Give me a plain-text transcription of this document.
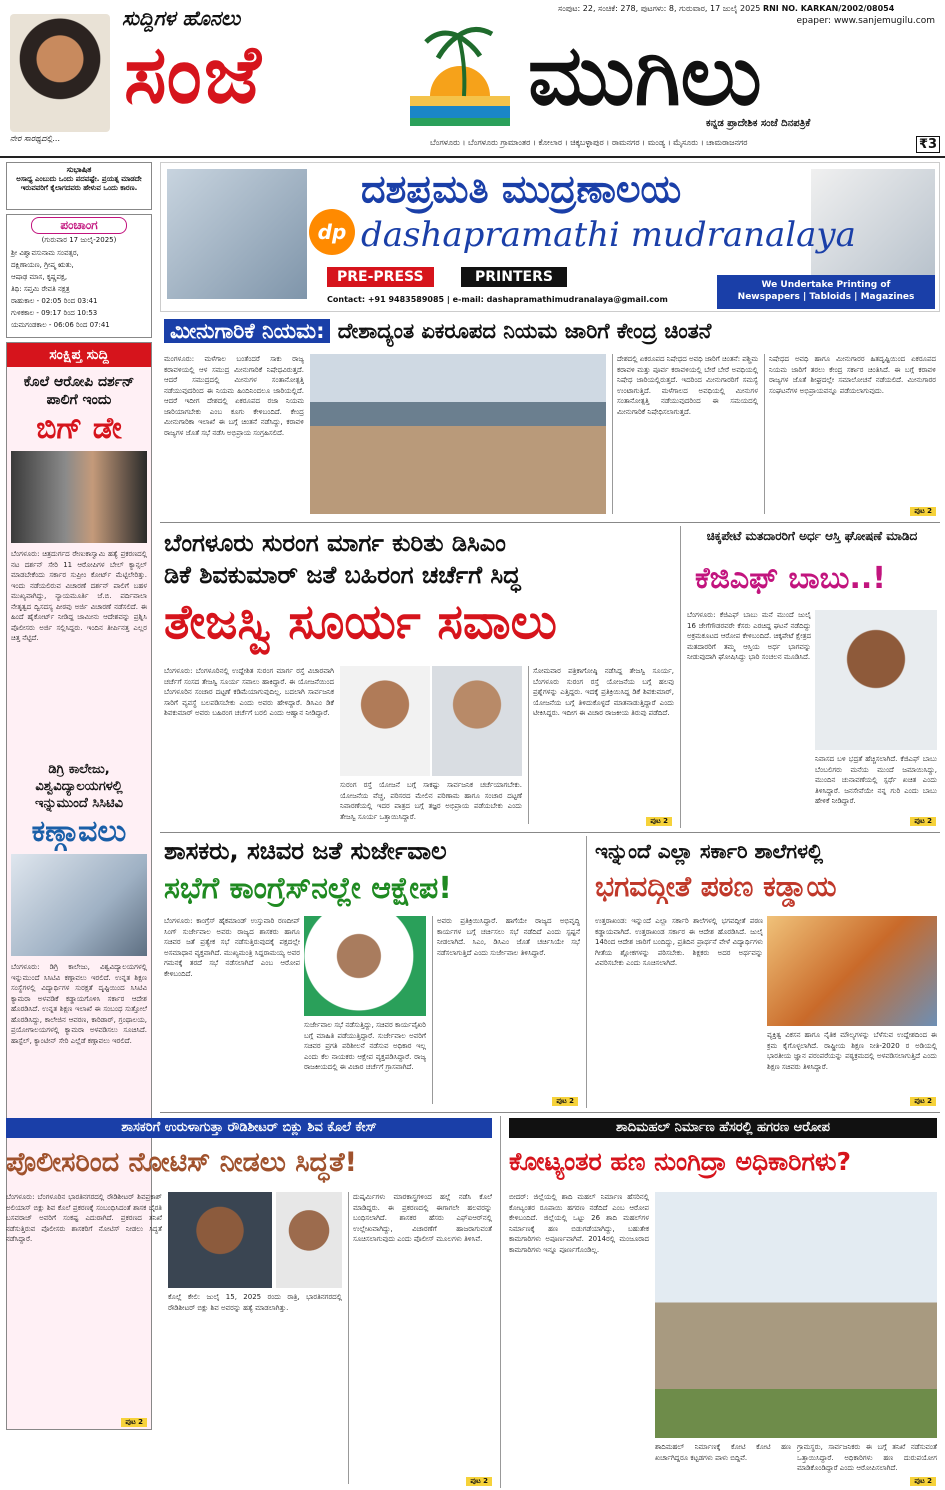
ನೇರ ಸಾರಥ್ಯದಲ್ಲಿ...
ಸುದ್ದಿಗಳ ಹೊನಲು
ಸಂಜೆ
ಸಂಪುಟ: 22, ಸಂಚಿಕೆ: 278, ಪುಟಗಳು: 8, ಗುರುವಾರ, 17 ಜುಲೈ 2025 RNI NO. KARKAN/2002/08054
epaper: www.sanjemugilu.com
ಮುಗಿಲು
ಕನ್ನಡ ಪ್ರಾದೇಶಿಕ ಸಂಜೆ ದಿನಪತ್ರಿಕೆ
ಬೆಂಗಳೂರು । ಬೆಂಗಳೂರು ಗ್ರಾಮಾಂತರ । ಕೋಲಾರ । ಚಿಕ್ಕಬಳ್ಳಾಪುರ । ರಾಮನಗರ । ಮಂಡ್ಯ । ಮೈಸೂರು । ಚಾಮರಾಜನಗರ	₹3
ಸುಭಾಷಿತ
ಅಸಾಧ್ಯ ಎಂಬುದು ಒಂದು ಪದವಷ್ಟೇ. ಪ್ರಯತ್ನ ಮಾಡದೇ ಇರುವವರಿಗೆ ಕೈಲಾಗದವರು ಹೇಳುವ ಒಂದು ಕಾರಣ.
ಪಂಚಾಂಗ
(ಗುರುವಾರ 17 ಜುಲೈ-2025)
ಶ್ರೀ ವಿಶ್ವಾವಸುನಾಮ ಸಂವತ್ಸರ,
ದಕ್ಷಿಣಾಯಣ, ಗ್ರೀಷ್ಮ ಋತು,
ಆಷಾಢ ಮಾಸ, ಕೃಷ್ಣಪಕ್ಷ,
ತಿಥಿ: ಸಪ್ತಮಿ ರೇವತಿ ನಕ್ಷತ್ರ
ರಾಹುಕಾಲ - 02:05 ರಿಂದ 03:41
ಗುಳಿಕಕಾಲ - 09:17 ರಿಂದ 10:53
ಯಮಗಂಡಕಾಲ - 06:06 ರಿಂದ 07:41
ಸಂಕ್ಷಿಪ್ತ ಸುದ್ದಿ
ಕೊಲೆ ಆರೋಪಿ ದರ್ಶನ್ ಪಾಲಿಗೆ ಇಂದು
ಬಿಗ್ ಡೇ
ಬೆಂಗಳೂರು: ಚಿತ್ರದುರ್ಗದ ರೇಣುಕಾಸ್ವಾಮಿ ಹತ್ಯೆ ಪ್ರಕರಣದಲ್ಲಿ ನಟ ದರ್ಶನ್ ಸೇರಿ 11 ಆರೋಪಿಗಳ ಬೇಲ್ ಕ್ಯಾನ್ಸಲ್ ಮಾಡಬೇಕೆಂದು ಸರ್ಕಾರ ಸುಪ್ರೀಂ ಕೋರ್ಟ್ ಮೆಟ್ಟಿಲೇರಿತ್ತು. ಇಂದು ನಡೆಯಲಿರುವ ವಿಚಾರಣೆ ದರ್ಶನ್ ಪಾಲಿಗೆ ಬಹಳ ಮುಖ್ಯವಾಗಿದ್ದು, ನ್ಯಾಯಮೂರ್ತಿ ಜೆ.ಬಿ. ಪರ್ದಿವಾಲಾ ನೇತೃತ್ವದ ದ್ವಿಸದಸ್ಯ ಪೀಠವು ಅರ್ಜಿ ವಿಚಾರಣೆ ನಡೆಸಲಿದೆ. ಈ ಹಿಂದೆ ಹೈಕೋರ್ಟ್ ನೀಡಿದ್ದ ಜಾಮೀನು ಆದೇಶವನ್ನು ಪ್ರಶ್ನಿಸಿ ಪೊಲೀಸರು ಅರ್ಜಿ ಸಲ್ಲಿಸಿದ್ದರು. ಇಂದಿನ ತೀರ್ಪಿನತ್ತ ಎಲ್ಲರ ಚಿತ್ತ ನೆಟ್ಟಿದೆ.
ಡಿಗ್ರಿ ಕಾಲೇಜು, ವಿಶ್ವವಿದ್ಯಾಲಯಗಳಲ್ಲಿ ಇನ್ನುಮುಂದೆ ಸಿಸಿಟಿವಿ
ಕಣ್ಗಾವಲು
ಬೆಂಗಳೂರು: ಡಿಗ್ರಿ ಕಾಲೇಜು, ವಿಶ್ವವಿದ್ಯಾಲಯಗಳಲ್ಲಿ ಇನ್ನುಮುಂದೆ ಸಿಸಿಟಿವಿ ಕಣ್ಗಾವಲು ಇರಲಿದೆ. ಉನ್ನತ ಶಿಕ್ಷಣ ಸಂಸ್ಥೆಗಳಲ್ಲಿ ವಿದ್ಯಾರ್ಥಿಗಳ ಸುರಕ್ಷತೆ ದೃಷ್ಟಿಯಿಂದ ಸಿಸಿಟಿವಿ ಕ್ಯಾಮರಾ ಅಳವಡಿಕೆ ಕಡ್ಡಾಯಗೊಳಿಸಿ ಸರ್ಕಾರ ಆದೇಶ ಹೊರಡಿಸಿದೆ. ಉನ್ನತ ಶಿಕ್ಷಣ ಇಲಾಖೆ ಈ ಸಂಬಂಧ ಸುತ್ತೋಲೆ ಹೊರಡಿಸಿದ್ದು, ಕಾಲೇಜಿನ ಆವರಣ, ಕಾರಿಡಾರ್, ಗ್ರಂಥಾಲಯ, ಪ್ರಯೋಗಾಲಯಗಳಲ್ಲಿ ಕ್ಯಾಮರಾ ಅಳವಡಿಸಲು ಸೂಚಿಸಿದೆ. ಹಾಸ್ಟೆಲ್, ಕ್ಯಾಂಟೀನ್ ಸೇರಿ ಎಲ್ಲೆಡೆ ಕಣ್ಗಾವಲು ಇರಲಿದೆ.
ಪುಟ 2
dp
ದಶಪ್ರಮತಿ ಮುದ್ರಣಾಲಯ
dashapramathi mudranalaya
PRE-PRESS	PRINTERS
Contact: +91 9483589085 | e-mail: dashapramathimudranalaya@gmail.com
We Undertake Printing of
Newspapers | Tabloids | Magazines
ಮೀನುಗಾರಿಕೆ ನಿಯಮ: ದೇಶಾದ್ಯಂತ ಏಕರೂಪದ ನಿಯಮ ಜಾರಿಗೆ ಕೇಂದ್ರ ಚಿಂತನೆ
ಮಂಗಳೂರು: ಮಳೆಗಾಲ ಬಂತೆಂದರೆ ಸಾಕು ರಾಜ್ಯ ಕರಾವಳಿಯಲ್ಲಿ ಆಳ ಸಮುದ್ರ ಮೀನುಗಾರಿಕೆ ನಿಷೇಧವಿರುತ್ತದೆ. ಆದರೆ ಸಮುದ್ರದಲ್ಲಿ ಮೀನುಗಳ ಸಂತಾನೋತ್ಪತ್ತಿ ನಡೆಯುವುದರಿಂದ ಈ ನಿಯಮ ಹಿಂದಿನಿಂದಲೂ ಜಾರಿಯಲ್ಲಿದೆ. ಆದರೆ ಇದೀಗ ದೇಶದಲ್ಲಿ ಏಕರೂಪದ ರಜಾ ನಿಯಮ ಜಾರಿಯಾಗಬೇಕು ಎಂಬ ಕೂಗು ಕೇಳಿಬಂದಿದೆ. ಕೇಂದ್ರ ಮೀನುಗಾರಿಕಾ ಇಲಾಖೆ ಈ ಬಗ್ಗೆ ಚಿಂತನೆ ನಡೆಸಿದ್ದು, ಕರಾವಳಿ ರಾಜ್ಯಗಳ ಜೊತೆ ಸಭೆ ನಡೆಸಿ ಅಭಿಪ್ರಾಯ ಸಂಗ್ರಹಿಸಲಿದೆ.
ದೇಶದಲ್ಲಿ ಏಕರೂಪದ ನಿಷೇಧದ ಅವಧಿ ಜಾರಿಗೆ ಚಿಂತನೆ: ಪಶ್ಚಿಮ ಕರಾವಳಿ ಮತ್ತು ಪೂರ್ವ ಕರಾವಳಿಯಲ್ಲಿ ಬೇರೆ ಬೇರೆ ಅವಧಿಯಲ್ಲಿ ನಿಷೇಧ ಜಾರಿಯಲ್ಲಿರುತ್ತದೆ. ಇದರಿಂದ ಮೀನುಗಾರರಿಗೆ ಸಮಸ್ಯೆ ಉಂಟಾಗುತ್ತಿದೆ. ಮಳೆಗಾಲದ ಅವಧಿಯಲ್ಲಿ ಮೀನುಗಳ ಸಂತಾನೋತ್ಪತ್ತಿ ನಡೆಯುವುದರಿಂದ ಈ ಸಮಯದಲ್ಲಿ ಮೀನುಗಾರಿಕೆ ನಿಷೇಧಿಸಲಾಗುತ್ತದೆ.
ನಿಷೇಧದ ಅವಧಿ ಹಾಗೂ ಮೀನುಗಾರರ ಹಿತದೃಷ್ಟಿಯಿಂದ ಏಕರೂಪದ ನಿಯಮ ಜಾರಿಗೆ ತರಲು ಕೇಂದ್ರ ಸರ್ಕಾರ ಚಿಂತಿಸಿದೆ. ಈ ಬಗ್ಗೆ ಕರಾವಳಿ ರಾಜ್ಯಗಳ ಜೊತೆ ಶೀಘ್ರದಲ್ಲೇ ಸಮಾಲೋಚನೆ ನಡೆಯಲಿದೆ. ಮೀನುಗಾರರ ಸಂಘಟನೆಗಳ ಅಭಿಪ್ರಾಯವನ್ನೂ ಪಡೆಯಲಾಗುವುದು.
ಪುಟ 2
ಬೆಂಗಳೂರು ಸುರಂಗ ಮಾರ್ಗ ಕುರಿತು ಡಿಸಿಎಂ
ಡಿಕೆ ಶಿವಕುಮಾರ್ ಜತೆ ಬಹಿರಂಗ ಚರ್ಚೆಗೆ ಸಿದ್ಧ
ತೇಜಸ್ವಿ ಸೂರ್ಯ ಸವಾಲು
ಬೆಂಗಳೂರು: ಬೆಂಗಳೂರಿನಲ್ಲಿ ಉದ್ದೇಶಿತ ಸುರಂಗ ಮಾರ್ಗ ರಸ್ತೆ ವಿಚಾರವಾಗಿ ಚರ್ಚೆಗೆ ಸಂಸದ ತೇಜಸ್ವಿ ಸೂರ್ಯ ಸವಾಲು ಹಾಕಿದ್ದಾರೆ. ಈ ಯೋಜನೆಯಿಂದ ಬೆಂಗಳೂರಿನ ಸಂಚಾರ ದಟ್ಟಣೆ ಕಡಿಮೆಯಾಗುವುದಿಲ್ಲ. ಬದಲಾಗಿ ಸಾರ್ವಜನಿಕ ಸಾರಿಗೆ ವ್ಯವಸ್ಥೆ ಬಲಪಡಿಸಬೇಕು ಎಂದು ಅವರು ಹೇಳಿದ್ದಾರೆ. ಡಿಸಿಎಂ ಡಿಕೆ ಶಿವಕುಮಾರ್ ಅವರು ಬಹಿರಂಗ ಚರ್ಚೆಗೆ ಬರಲಿ ಎಂದು ಆಹ್ವಾನ ನೀಡಿದ್ದಾರೆ.
ಸುರಂಗ ರಸ್ತೆ ಯೋಜನೆ ಬಗ್ಗೆ ಸಾಕಷ್ಟು ಸಾರ್ವಜನಿಕ ಚರ್ಚೆಯಾಗಬೇಕು. ಯೋಜನೆಯ ವೆಚ್ಚ, ಪರಿಸರದ ಮೇಲಿನ ಪರಿಣಾಮ ಹಾಗೂ ಸಂಚಾರ ದಟ್ಟಣೆ ನಿವಾರಣೆಯಲ್ಲಿ ಇದರ ಪಾತ್ರದ ಬಗ್ಗೆ ತಜ್ಞರ ಅಭಿಪ್ರಾಯ ಪಡೆಯಬೇಕು ಎಂದು ತೇಜಸ್ವಿ ಸೂರ್ಯ ಒತ್ತಾಯಿಸಿದ್ದಾರೆ.
ಸೋಮವಾರ ಪತ್ರಿಕಾಗೋಷ್ಠಿ ನಡೆಸಿದ್ದ ತೇಜಸ್ವಿ ಸೂರ್ಯ, ಬೆಂಗಳೂರು ಸುರಂಗ ರಸ್ತೆ ಯೋಜನೆಯ ಬಗ್ಗೆ ಹಲವು ಪ್ರಶ್ನೆಗಳನ್ನು ಎತ್ತಿದ್ದರು. ಇದಕ್ಕೆ ಪ್ರತಿಕ್ರಿಯಿಸಿದ್ದ ಡಿಕೆ ಶಿವಕುಮಾರ್, ಯೋಜನೆಯ ಬಗ್ಗೆ ತಿಳಿದುಕೊಳ್ಳದೆ ಮಾತನಾಡುತ್ತಿದ್ದಾರೆ ಎಂದು ಟೀಕಿಸಿದ್ದರು. ಇದೀಗ ಈ ವಿಚಾರ ರಾಜಕೀಯ ತಿರುವು ಪಡೆದಿದೆ.
ಪುಟ 2
ಚಿಕ್ಕಪೇಟೆ ಮತದಾರರಿಗೆ ಅರ್ಧ ಆಸ್ತಿ ಘೋಷಣೆ ಮಾಡಿದ
ಕೆಜಿಎಫ್ ಬಾಬು..!
ಬೆಂಗಳೂರು: ಕೆಜಿಎಫ್ ಬಾಬು ಮನೆ ಮುಂದೆ ಜುಲೈ 16 ಜೇಗೆಗೌಡರವರೇ ಕೆಸರು ಎರಚಿದ್ದ ಘಟನೆ ನಡೆದಿದ್ದು ಅಕ್ರಮಕೂಟದ ಆರೋಪ ಕೇಳಿಬಂದಿದೆ. ಚಿಕ್ಕಪೇಟೆ ಕ್ಷೇತ್ರದ ಮತದಾರರಿಗೆ ತಮ್ಮ ಆಸ್ತಿಯ ಅರ್ಧ ಭಾಗವನ್ನು ನೀಡುವುದಾಗಿ ಘೋಷಿಸಿದ್ದು ಭಾರಿ ಸಂಚಲನ ಮೂಡಿಸಿದೆ.
ನಿವಾಸದ ಬಳಿ ಭದ್ರತೆ ಹೆಚ್ಚಿಸಲಾಗಿದೆ. ಕೆಜಿಎಫ್ ಬಾಬು ಬೆಂಬಲಿಗರು ಮನೆಯ ಮುಂದೆ ಜಮಾಯಿಸಿದ್ದು, ಮುಂದಿನ ಚುನಾವಣೆಯಲ್ಲಿ ಸ್ಪರ್ಧೆ ಖಚಿತ ಎಂದು ತಿಳಿಸಿದ್ದಾರೆ. ಜನಸೇವೆಯೇ ನನ್ನ ಗುರಿ ಎಂದು ಬಾಬು ಹೇಳಿಕೆ ನೀಡಿದ್ದಾರೆ.
ಪುಟ 2
ಶಾಸಕರು, ಸಚಿವರ ಜತೆ ಸುರ್ಜೇವಾಲ
ಸಭೆಗೆ ಕಾಂಗ್ರೆಸ್‌ನಲ್ಲೇ ಆಕ್ಷೇಪ!
ಬೆಂಗಳೂರು: ಕಾಂಗ್ರೆಸ್ ಹೈಕಮಾಂಡ್ ಉಸ್ತುವಾರಿ ರಣದೀಪ್ ಸಿಂಗ್ ಸುರ್ಜೇವಾಲ ಅವರು ರಾಜ್ಯದ ಶಾಸಕರು ಹಾಗೂ ಸಚಿವರ ಜತೆ ಪ್ರತ್ಯೇಕ ಸಭೆ ನಡೆಸುತ್ತಿರುವುದಕ್ಕೆ ಪಕ್ಷದಲ್ಲೇ ಅಸಮಾಧಾನ ವ್ಯಕ್ತವಾಗಿದೆ. ಮುಖ್ಯಮಂತ್ರಿ ಸಿದ್ದರಾಮಯ್ಯ ಅವರ ಗಮನಕ್ಕೆ ತರದೆ ಸಭೆ ನಡೆಸಲಾಗಿದೆ ಎಂಬ ಆರೋಪ ಕೇಳಿಬಂದಿದೆ.
ಸುರ್ಜೇವಾಲ ಸಭೆ ನಡೆಸುತ್ತಿದ್ದು, ಸಚಿವರ ಕಾರ್ಯವೈಖರಿ ಬಗ್ಗೆ ಮಾಹಿತಿ ಪಡೆಯುತ್ತಿದ್ದಾರೆ. ಸುರ್ಜೇವಾಲ ಅವರಿಗೆ ಸಚಿವರ ಪ್ರಗತಿ ಪರಿಶೀಲನೆ ನಡೆಸುವ ಅಧಿಕಾರ ಇಲ್ಲ ಎಂದು ಕೆಲ ನಾಯಕರು ಆಕ್ಷೇಪ ವ್ಯಕ್ತಪಡಿಸಿದ್ದಾರೆ. ರಾಜ್ಯ ರಾಜಕೀಯದಲ್ಲಿ ಈ ವಿಚಾರ ಚರ್ಚೆಗೆ ಗ್ರಾಸವಾಗಿದೆ.
ಅವರು ಪ್ರತಿಕ್ರಿಯಿಸಿದ್ದಾರೆ. ಹಾಗೆಯೇ ರಾಜ್ಯದ ಅಭಿವೃದ್ಧಿ ಕಾರ್ಯಗಳ ಬಗ್ಗೆ ಚರ್ಚಿಸಲು ಸಭೆ ನಡೆದಿದೆ ಎಂದು ಸ್ಪಷ್ಟನೆ ನೀಡಲಾಗಿದೆ. ಸಿಎಂ, ಡಿಸಿಎಂ ಜೊತೆ ಚರ್ಚಿಸಿಯೇ ಸಭೆ ನಡೆಸಲಾಗುತ್ತಿದೆ ಎಂದು ಸುರ್ಜೇವಾಲ ತಿಳಿಸಿದ್ದಾರೆ.
ಪುಟ 2
ಇನ್ನುಂದೆ ಎಲ್ಲಾ ಸರ್ಕಾರಿ ಶಾಲೆಗಳಲ್ಲಿ
ಭಗವದ್ಗೀತೆ ಪಠಣ ಕಡ್ಡಾಯ
ಉತ್ತರಾಖಂಡ: ಇನ್ನುಂದೆ ಎಲ್ಲಾ ಸರ್ಕಾರಿ ಶಾಲೆಗಳಲ್ಲಿ ಭಗವದ್ಗೀತೆ ಪಠಣ ಕಡ್ಡಾಯವಾಗಿದೆ. ಉತ್ತರಾಖಂಡ ಸರ್ಕಾರ ಈ ಆದೇಶ ಹೊರಡಿಸಿದೆ. ಜುಲೈ 14ರಿಂದ ಆದೇಶ ಜಾರಿಗೆ ಬಂದಿದ್ದು, ಪ್ರತಿದಿನ ಪ್ರಾರ್ಥನೆ ವೇಳೆ ವಿದ್ಯಾರ್ಥಿಗಳು ಗೀತೆಯ ಶ್ಲೋಕಗಳನ್ನು ಪಠಿಸಬೇಕು. ಶಿಕ್ಷಕರು ಅದರ ಅರ್ಥವನ್ನು ವಿವರಿಸಬೇಕು ಎಂದು ಸೂಚಿಸಲಾಗಿದೆ.
ವ್ಯಕ್ತಿತ್ವ ವಿಕಸನ ಹಾಗೂ ನೈತಿಕ ಮೌಲ್ಯಗಳನ್ನು ಬೆಳೆಸುವ ಉದ್ದೇಶದಿಂದ ಈ ಕ್ರಮ ಕೈಗೊಳ್ಳಲಾಗಿದೆ. ರಾಷ್ಟ್ರೀಯ ಶಿಕ್ಷಣ ನೀತಿ-2020 ರ ಅಡಿಯಲ್ಲಿ ಭಾರತೀಯ ಜ್ಞಾನ ಪರಂಪರೆಯನ್ನು ಪಠ್ಯಕ್ರಮದಲ್ಲಿ ಅಳವಡಿಸಲಾಗುತ್ತಿದೆ ಎಂದು ಶಿಕ್ಷಣ ಸಚಿವರು ತಿಳಿಸಿದ್ದಾರೆ.
ಪುಟ 2
ಶಾಸಕರಿಗೆ ಉರುಳಾಗುತ್ತಾ ರೌಡಿಶೀಟರ್ ಬಿಕ್ಲು ಶಿವ ಕೊಲೆ ಕೇಸ್
ಪೊಲೀಸರಿಂದ ನೋಟಿಸ್ ನೀಡಲು ಸಿದ್ಧತೆ!
ಬೆಂಗಳೂರು: ಬೆಂಗಳೂರಿನ ಭಾರತಿನಗರದಲ್ಲಿ ರೌಡಿಶೀಟರ್ ಶಿವಪ್ರಕಾಶ್ ಅಲಿಯಾಸ್ ಬಿಕ್ಲು ಶಿವ ಕೊಲೆ ಪ್ರಕರಣಕ್ಕೆ ಸಂಬಂಧಿಸಿದಂತೆ ಶಾಸಕ ಬೈರತಿ ಬಸವರಾಜ್ ಅವರಿಗೆ ಸಂಕಷ್ಟ ಎದುರಾಗಿದೆ. ಪ್ರಕರಣದ ತನಿಖೆ ನಡೆಸುತ್ತಿರುವ ಪೊಲೀಸರು ಶಾಸಕರಿಗೆ ನೋಟಿಸ್ ನೀಡಲು ಸಿದ್ಧತೆ ನಡೆಸಿದ್ದಾರೆ.
ಕೊಲ್ಲೆ ಕೇಲಿ: ಜುಲೈ 15, 2025 ರಂದು ರಾತ್ರಿ, ಭಾರತಿನಗರದಲ್ಲಿ ರೌಡಿಶೀಟರ್ ಬಿಕ್ಲು ಶಿವ ಅವರನ್ನು ಹತ್ಯೆ ಮಾಡಲಾಗಿತ್ತು.
ದುಷ್ಕರ್ಮಿಗಳು ಮಾರಕಾಸ್ತ್ರಗಳಿಂದ ಹಲ್ಲೆ ನಡೆಸಿ ಕೊಲೆ ಮಾಡಿದ್ದರು. ಈ ಪ್ರಕರಣದಲ್ಲಿ ಈಗಾಗಲೇ ಹಲವರನ್ನು ಬಂಧಿಸಲಾಗಿದೆ. ಶಾಸಕರ ಹೆಸರು ಎಫ್‌ಐಆರ್‌ನಲ್ಲಿ ಉಲ್ಲೇಖವಾಗಿದ್ದು, ವಿಚಾರಣೆಗೆ ಹಾಜರಾಗುವಂತೆ ಸೂಚಿಸಲಾಗುವುದು ಎಂದು ಪೊಲೀಸ್ ಮೂಲಗಳು ತಿಳಿಸಿವೆ.
ಪುಟ 2
ಶಾದಿಮಹಲ್ ನಿರ್ಮಾಣ ಹೆಸರಲ್ಲಿ ಹಗರಣ ಆರೋಪ
ಕೋಟ್ಯಂತರ ಹಣ ನುಂಗಿದ್ರಾ ಅಧಿಕಾರಿಗಳು?
ಬೀದರ್: ಜಿಲ್ಲೆಯಲ್ಲಿ ಶಾದಿ ಮಹಲ್ ನಿರ್ಮಾಣ ಹೆಸರಿನಲ್ಲಿ ಕೋಟ್ಯಂತರ ರೂಪಾಯಿ ಹಗರಣ ನಡೆದಿದೆ ಎಂಬ ಆರೋಪ ಕೇಳಿಬಂದಿದೆ. ಜಿಲ್ಲೆಯಲ್ಲಿ ಒಟ್ಟು 26 ಶಾದಿ ಮಹಲ್‌ಗಳ ನಿರ್ಮಾಣಕ್ಕೆ ಹಣ ಬಿಡುಗಡೆಯಾಗಿದ್ದು, ಬಹುತೇಕ ಕಾಮಗಾರಿಗಳು ಅಪೂರ್ಣವಾಗಿವೆ. 2014ರಲ್ಲಿ ಮಂಜೂರಾದ ಕಾಮಗಾರಿಗಳು ಇನ್ನೂ ಪೂರ್ಣಗೊಂಡಿಲ್ಲ.
ಶಾದಿಮಹಲ್ ನಿರ್ಮಾಣಕ್ಕೆ ಕೋಟಿ ಕೋಟಿ ಹಣ ಖರ್ಚಾಗಿದ್ದರೂ ಕಟ್ಟಡಗಳು ಪಾಳು ಬಿದ್ದಿವೆ.
ಗ್ರಾಮಸ್ಥರು, ಸಾರ್ವಜನಿಕರು ಈ ಬಗ್ಗೆ ತನಿಖೆ ನಡೆಸುವಂತೆ ಒತ್ತಾಯಿಸಿದ್ದಾರೆ. ಅಧಿಕಾರಿಗಳು ಹಣ ದುರುಪಯೋಗ ಮಾಡಿಕೊಂಡಿದ್ದಾರೆ ಎಂದು ಆರೋಪಿಸಲಾಗಿದೆ.
ಪುಟ 2
